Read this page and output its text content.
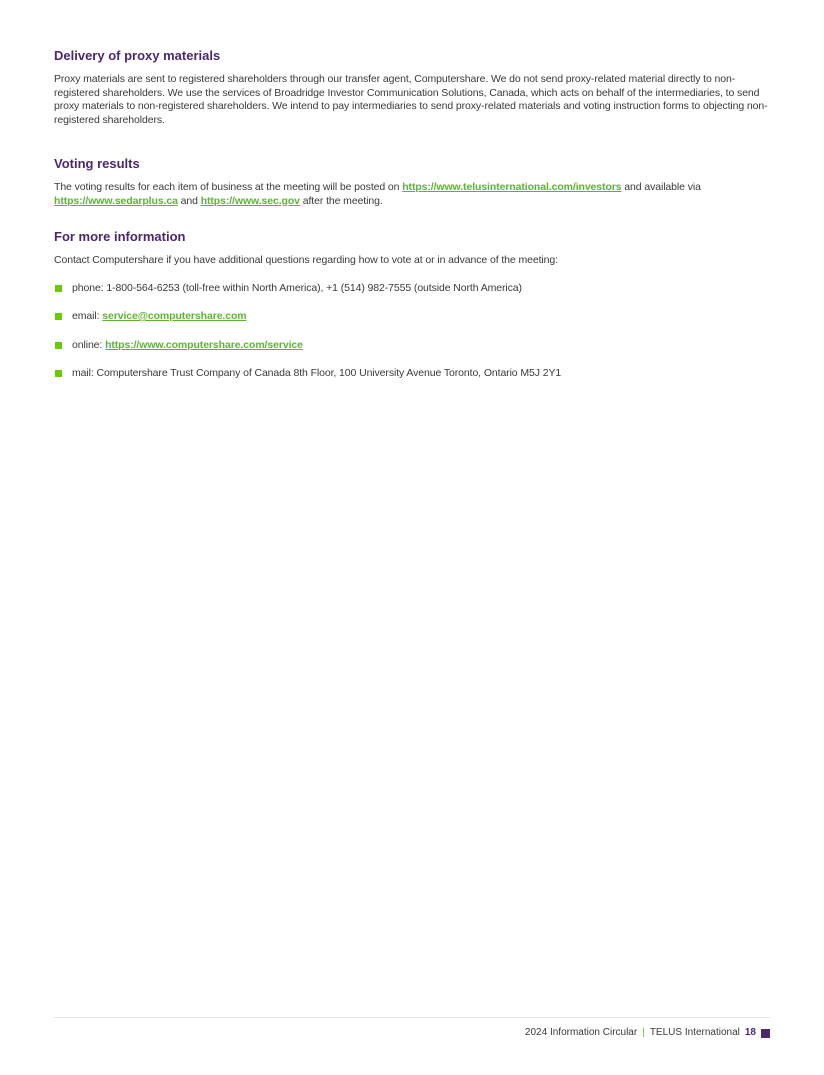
Delivery of proxy materials

Proxy materials are sent to registered shareholders through our transfer agent, Computershare. We do not send proxy-related material directly to non-registered shareholders. We use the services of Broadridge Investor Communication Solutions, Canada, which acts on behalf of the intermediaries, to send proxy materials to non-registered shareholders. We intend to pay intermediaries to send proxy-related materials and voting instruction forms to objecting non-registered shareholders.

Voting results

The voting results for each item of business at the meeting will be posted on https://www.telusinternational.com/investors and available via https://www.sedarplus.ca and https://www.sec.gov after the meeting.

For more information

Contact Computershare if you have additional questions regarding how to vote at or in advance of the meeting:

phone: 1-800-564-6253 (toll-free within North America), +1 (514) 982-7555 (outside North America)
email: service@computershare.com
online: https://www.computershare.com/service
mail: Computershare Trust Company of Canada 8th Floor, 100 University Avenue Toronto, Ontario M5J 2Y1
2024 Information Circular | TELUS International 18
